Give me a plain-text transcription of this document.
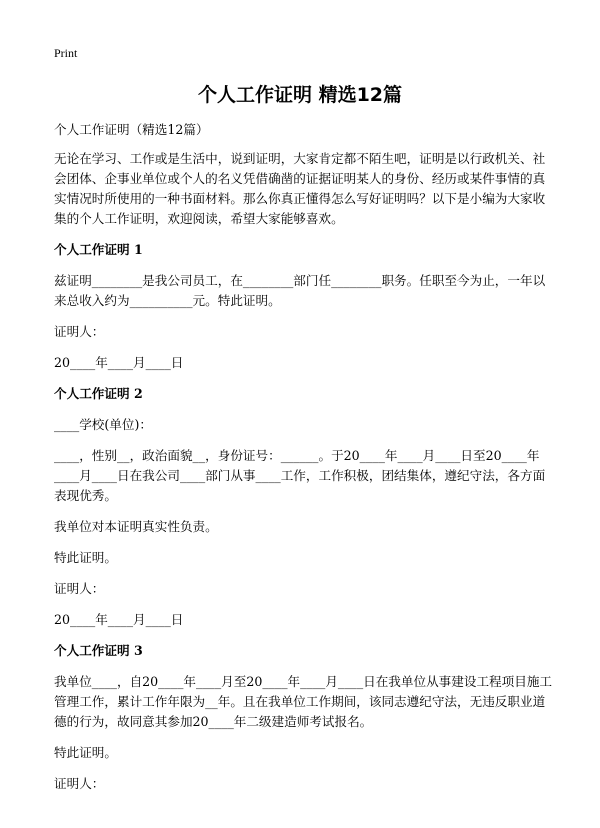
Print
个人工作证明 精选12篇

个人工作证明（精选12篇）

无论在学习、工作或是生活中，说到证明，大家肯定都不陌生吧，证明是以行政机关、社会团体、企事业单位或个人的名义凭借确凿的证据证明某人的身份、经历或某件事情的真实情况时所使用的一种书面材料。那么你真正懂得怎么写好证明吗？以下是小编为大家收集的个人工作证明，欢迎阅读，希望大家能够喜欢。

个人工作证明 1

兹证明________是我公司员工，在________部门任________职务。任职至今为止，一年以来总收入约为__________元。特此证明。

证明人：

20____年____月____日

个人工作证明 2

____学校(单位)：

____，性别__，政治面貌__，身份证号：______。于20____年____月____日至20____年____月____日在我公司____部门从事____工作，工作积极，团结集体，遵纪守法，各方面表现优秀。

我单位对本证明真实性负责。

特此证明。

证明人：

20____年____月____日

个人工作证明 3

我单位____，自20____年____月至20____年____月____日在我单位从事建设工程项目施工管理工作，累计工作年限为__年。且在我单位工作期间，该同志遵纪守法，无违反职业道德的行为，故同意其参加20____年二级建造师考试报名。

特此证明。

证明人：
